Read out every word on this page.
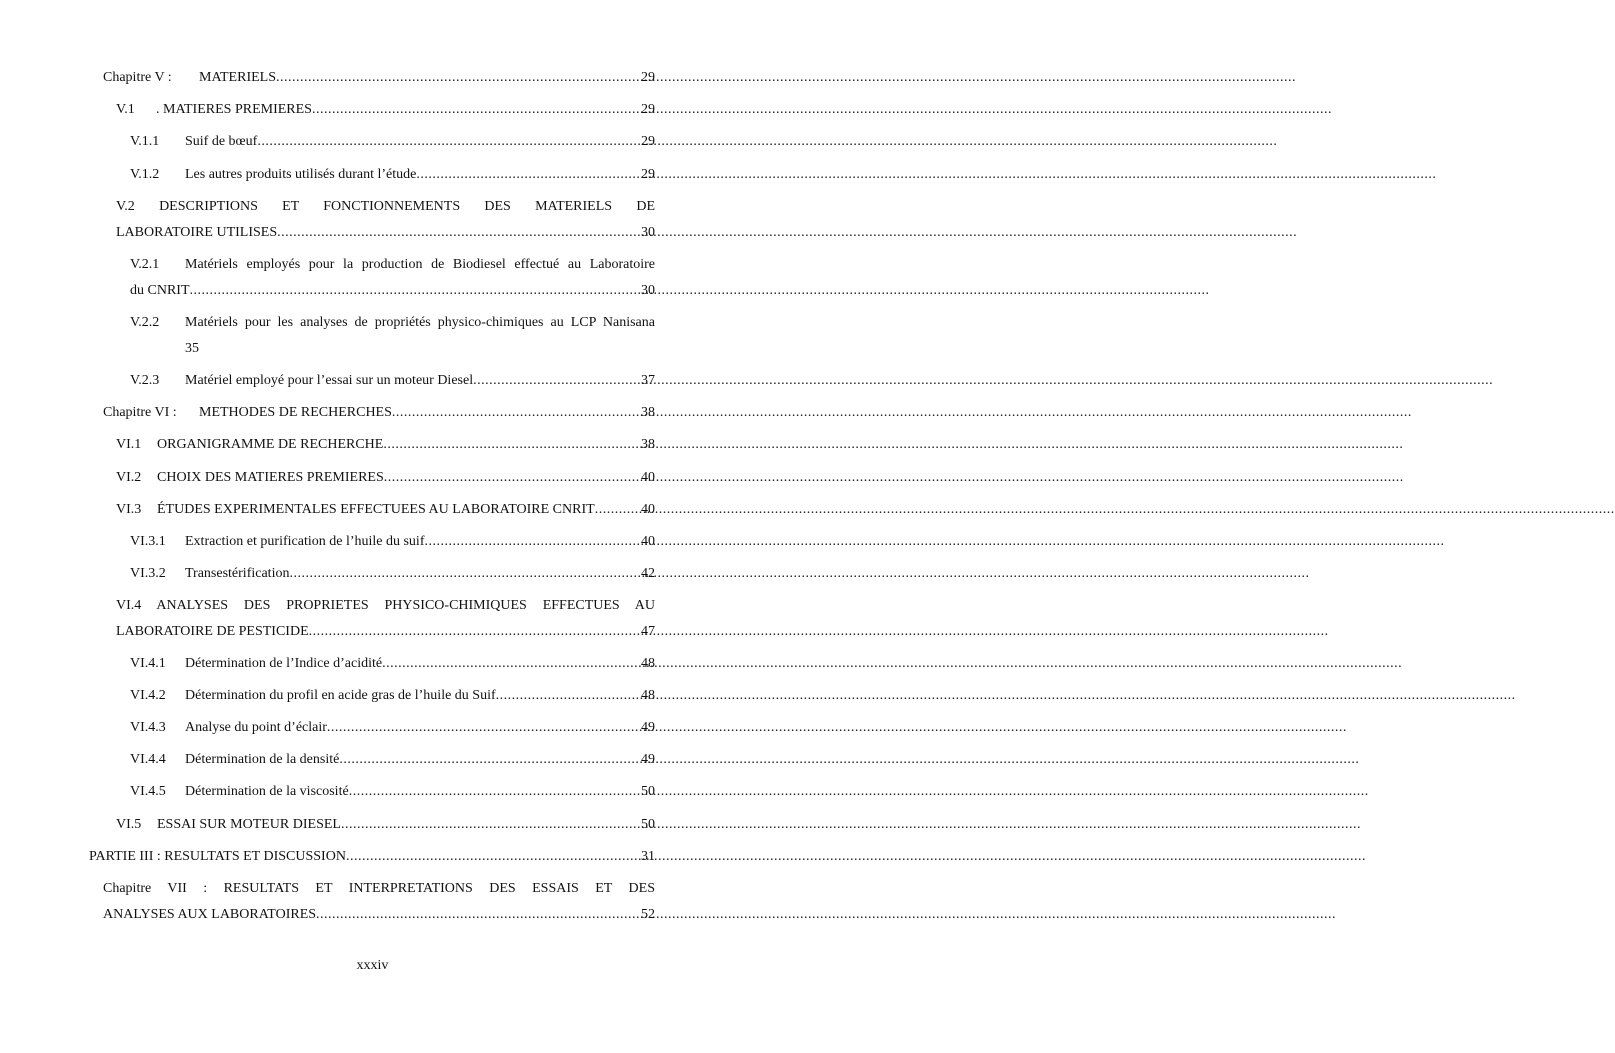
Chapitre V :	MATERIELS .....	29
V.1	. MATIERES PREMIERES .....	29
V.1.1	Suif de bœuf .....	29
V.1.2	Les autres produits utilisés durant l’étude .....	29
V.2 DESCRIPTIONS ET FONCTIONNEMENTS DES MATERIELS DE
LABORATOIRE UTILISES .....	30
V.2.1	Matériels employés pour la production de Biodiesel effectué au Laboratoire
du CNRIT .....	30
V.2.2	Matériels pour les analyses de propriétés physico-chimiques au LCP Nanisana
35
V.2.3	Matériel employé pour l’essai sur un moteur Diesel .....	37
Chapitre VI :	METHODES DE RECHERCHES .....	38
VI.1	ORGANIGRAMME DE RECHERCHE .....	38
VI.2	CHOIX DES MATIERES PREMIERES .....	40
VI.3	ÉTUDES EXPERIMENTALES EFFECTUEES AU LABORATOIRE CNRIT .....	40
VI.3.1	Extraction et purification de l’huile du suif .....	40
VI.3.2	Transestérification .....	42
VI.4 ANALYSES DES PROPRIETES PHYSICO-CHIMIQUES EFFECTUES AU
LABORATOIRE DE PESTICIDE .....	47
VI.4.1	Détermination de l’Indice d’acidité .....	48
VI.4.2	Détermination du profil en acide gras de l’huile du Suif .....	48
VI.4.3	Analyse du point d’éclair .....	49
VI.4.4	Détermination de la densité .....	49
VI.4.5	Détermination de la viscosité .....	50
VI.5	ESSAI SUR MOTEUR DIESEL .....	50
PARTIE III : RESULTATS ET DISCUSSION .....	31
Chapitre VII : RESULTATS ET INTERPRETATIONS DES ESSAIS ET DES
ANALYSES AUX LABORATOIRES .....	52
xxxiv
